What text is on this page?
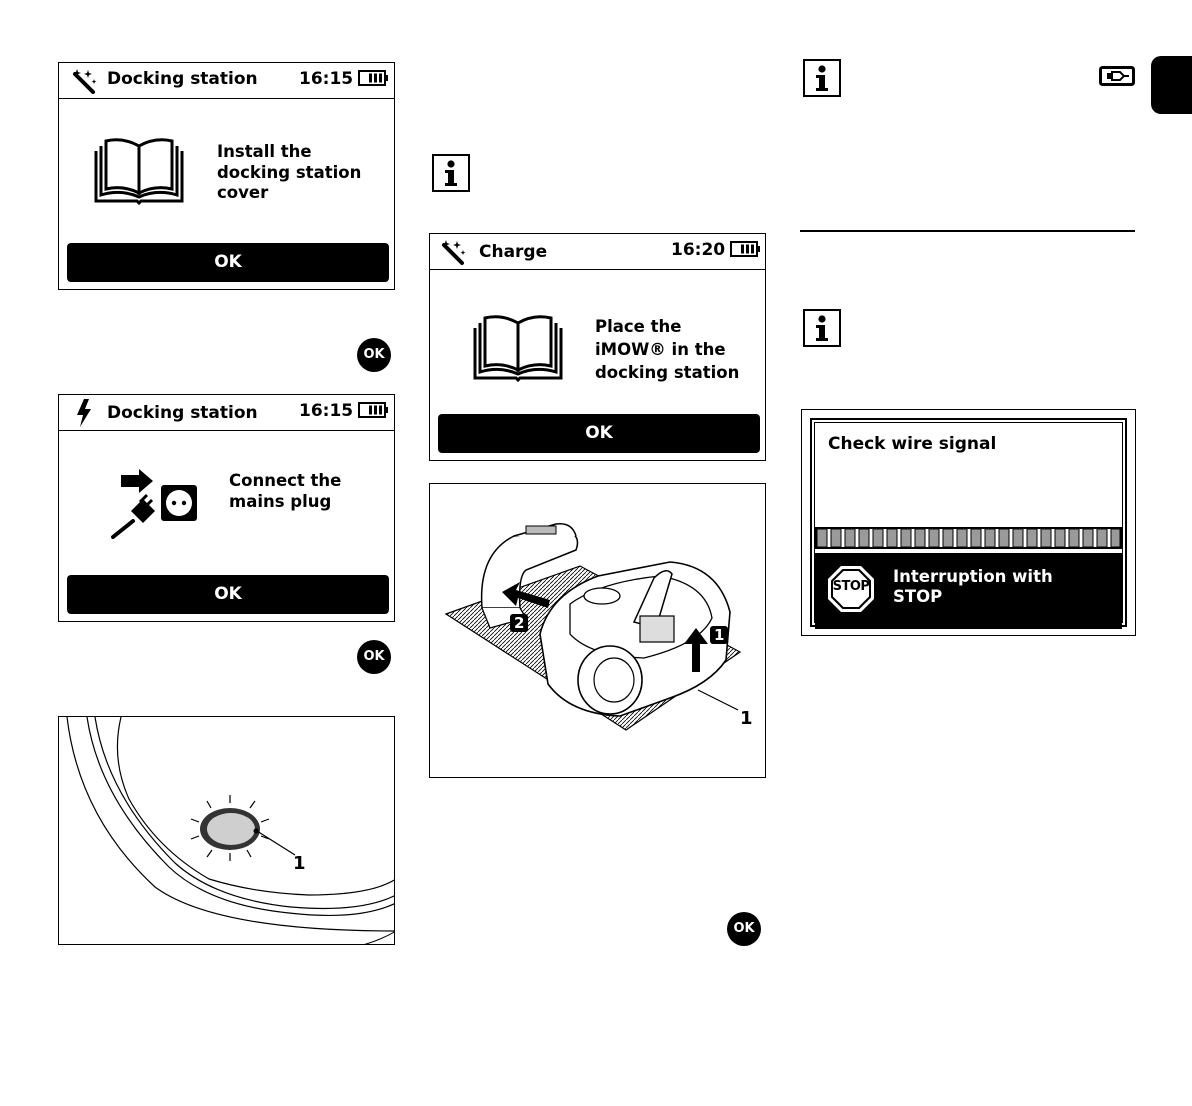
Docking station 16:15
Install the
docking station
cover
OK
OK
Docking station 16:15
Connect the
mains plug
OK
OK
1
Charge	16:20
Place the
iMOW® in the
docking station
OK
2
1
1
OK
Check wire signal
STOP
Interruption with
STOP
